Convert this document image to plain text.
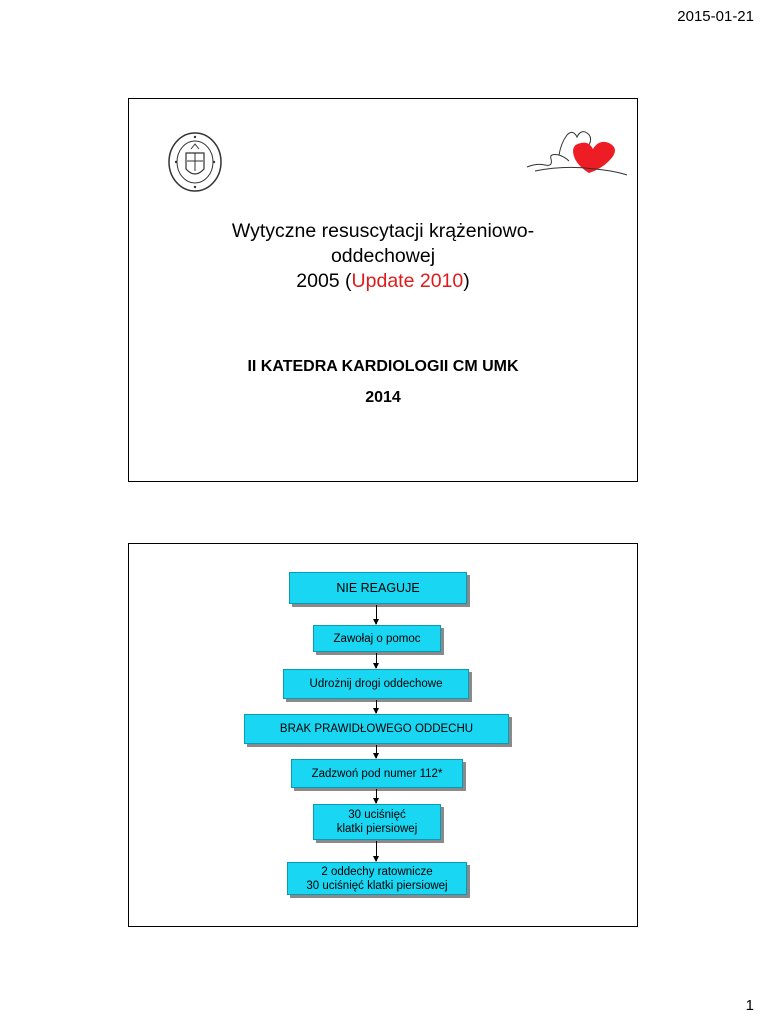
2015-01-21
Wytyczne resuscytacji krążeniowo-
oddechowej
2005 (Update 2010)
II KATEDRA KARDIOLOGII CM UMK
2014
NIE REAGUJE
Zawołaj o pomoc
Udrożnij drogi oddechowe
BRAK PRAWIDŁOWEGO ODDECHU
Zadzwoń pod numer 112*
30 uciśnięć
klatki piersiowej
2 oddechy ratownicze
30 uciśnięć klatki piersiowej
1
